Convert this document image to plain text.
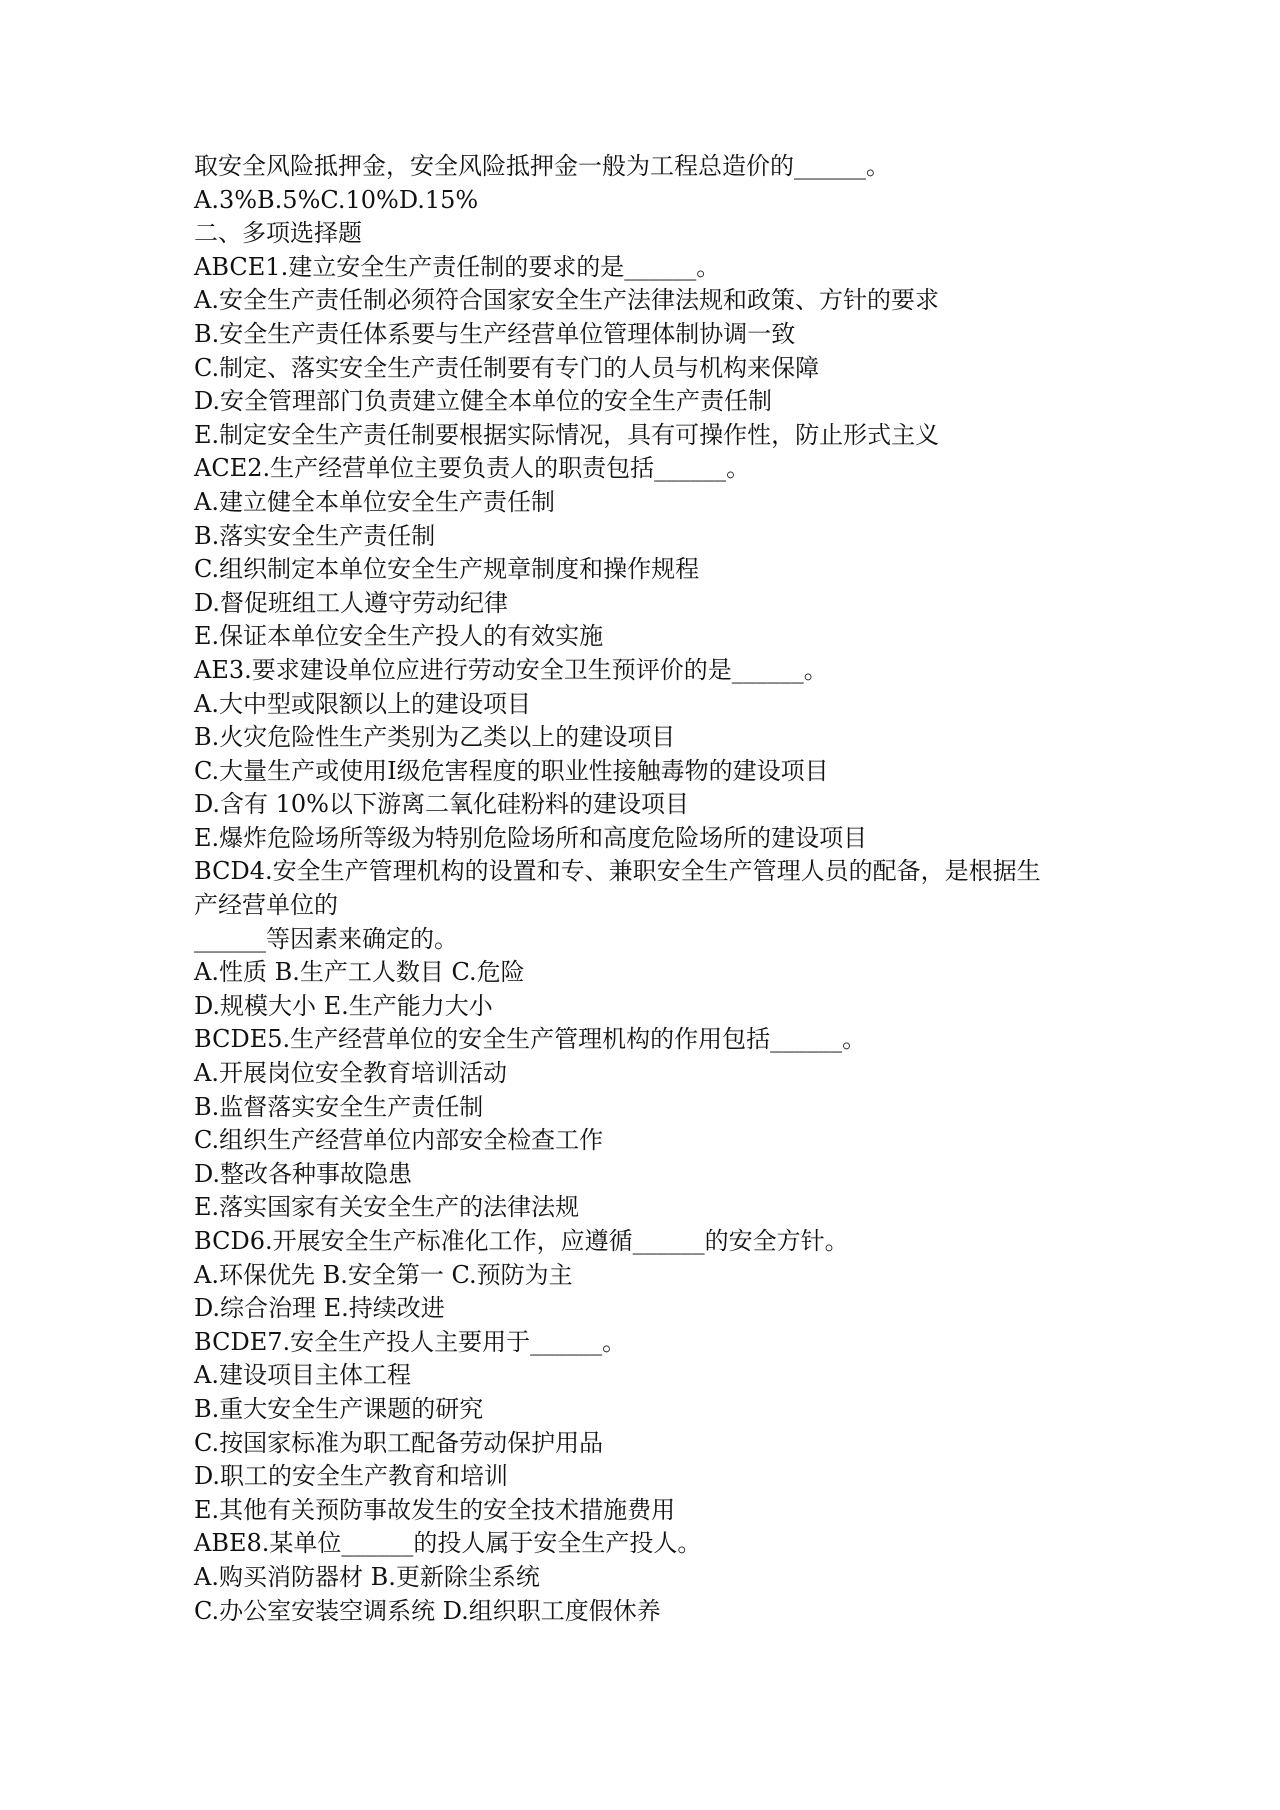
取安全风险抵押金，安全风险抵押金一般为工程总造价的______。

A.3%B.5%C.10%D.15%

二、多项选择题

ABCE1.建立安全生产责任制的要求的是______。

A.安全生产责任制必须符合国家安全生产法律法规和政策、方针的要求

B.安全生产责任体系要与生产经营单位管理体制协调一致

C.制定、落实安全生产责任制要有专门的人员与机构来保障

D.安全管理部门负责建立健全本单位的安全生产责任制

E.制定安全生产责任制要根据实际情况，具有可操作性，防止形式主义

ACE2.生产经营单位主要负责人的职责包括______。

A.建立健全本单位安全生产责任制

B.落实安全生产责任制

C.组织制定本单位安全生产规章制度和操作规程

D.督促班组工人遵守劳动纪律

E.保证本单位安全生产投人的有效实施

AE3.要求建设单位应进行劳动安全卫生预评价的是______。

A.大中型或限额以上的建设项目

B.火灾危险性生产类别为乙类以上的建设项目

C.大量生产或使用Ⅰ级危害程度的职业性接触毒物的建设项目

D.含有 10%以下游离二氧化硅粉料的建设项目

E.爆炸危险场所等级为特别危险场所和高度危险场所的建设项目

BCD4.安全生产管理机构的设置和专、兼职安全生产管理人员的配备，是根据生

产经营单位的

______等因素来确定的。

A.性质 B.生产工人数目 C.危险

D.规模大小 E.生产能力大小

BCDE5.生产经营单位的安全生产管理机构的作用包括______。

A.开展岗位安全教育培训活动

B.监督落实安全生产责任制

C.组织生产经营单位内部安全检查工作

D.整改各种事故隐患

E.落实国家有关安全生产的法律法规

BCD6.开展安全生产标准化工作，应遵循______的安全方针。

A.环保优先 B.安全第一 C.预防为主

D.综合治理 E.持续改进

BCDE7.安全生产投人主要用于______。

A.建设项目主体工程

B.重大安全生产课题的研究

C.按国家标准为职工配备劳动保护用品

D.职工的安全生产教育和培训

E.其他有关预防事故发生的安全技术措施费用

ABE8.某单位______的投人属于安全生产投人。

A.购买消防器材 B.更新除尘系统

C.办公室安装空调系统 D.组织职工度假休养
